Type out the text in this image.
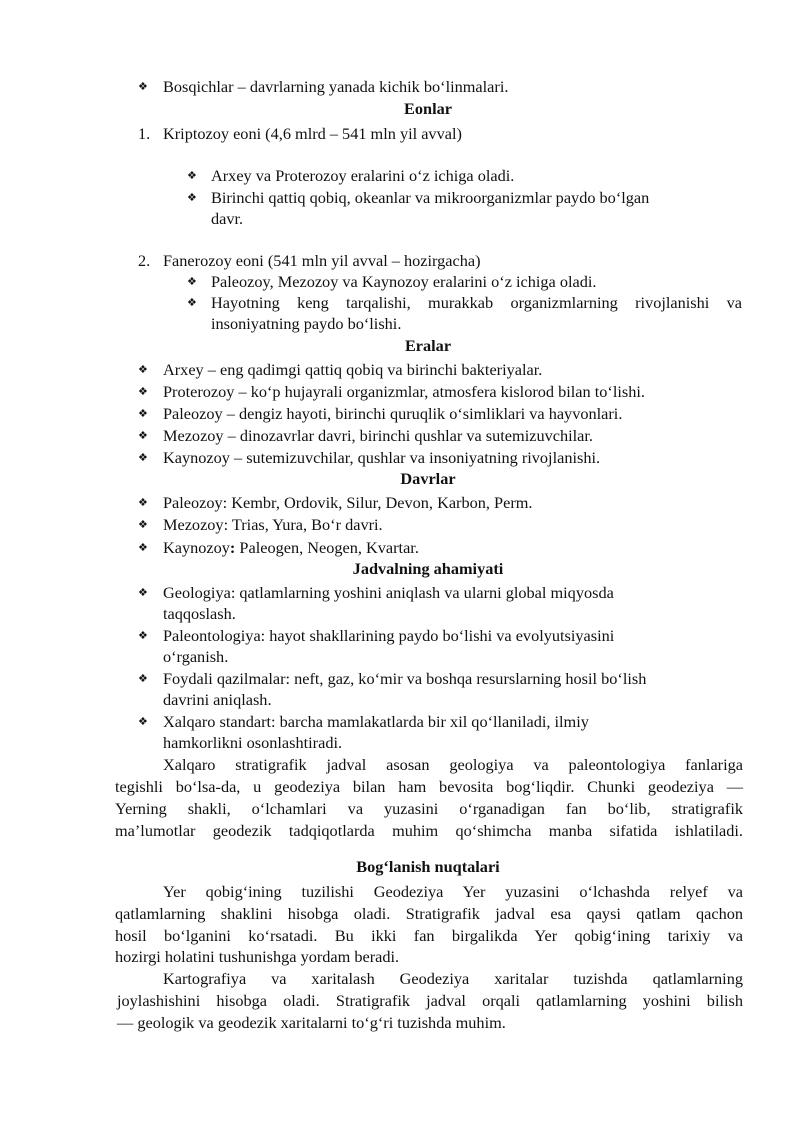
❖ Bosqichlar – davrlarning yanada kichik bo‘linmalari.
Eonlar
1. Kriptozoy eoni (4,6 mlrd – 541 mln yil avval)
❖ Arxey va Proterozoy eralarini o‘z ichiga oladi.
❖ Birinchi qattiq qobiq, okeanlar va mikroorganizmlar paydo bo‘lgan
davr.
2. Fanerozoy eoni (541 mln yil avval – hozirgacha)
❖ Paleozoy, Mezozoy va Kaynozoy eralarini o‘z ichiga oladi.
❖ Hayotning keng tarqalishi, murakkab organizmlarning rivojlanishi va
insoniyatning paydo bo‘lishi.
Eralar
❖ Arxey – eng qadimgi qattiq qobiq va birinchi bakteriyalar.
❖ Proterozoy – ko‘p hujayrali organizmlar, atmosfera kislorod bilan to‘lishi.
❖ Paleozoy – dengiz hayoti, birinchi quruqlik o‘simliklari va hayvonlari.
❖ Mezozoy – dinozavrlar davri, birinchi qushlar va sutemizuvchilar.
❖ Kaynozoy – sutemizuvchilar, qushlar va insoniyatning rivojlanishi.
Davrlar
❖ Paleozoy: Kembr, Ordovik, Silur, Devon, Karbon, Perm.
❖ Mezozoy: Trias, Yura, Bo‘r davri.
❖ Kaynozoy: Paleogen, Neogen, Kvartar.
Jadvalning ahamiyati
❖ Geologiya: qatlamlarning yoshini aniqlash va ularni global miqyosda
taqqoslash.
❖ Paleontologiya: hayot shakllarining paydo bo‘lishi va evolyutsiyasini
o‘rganish.
❖ Foydali qazilmalar: neft, gaz, ko‘mir va boshqa resurslarning hosil bo‘lish
davrini aniqlash.
❖ Xalqaro standart: barcha mamlakatlarda bir xil qo‘llaniladi, ilmiy
hamkorlikni osonlashtiradi.
Xalqaro stratigrafik jadval asosan geologiya va paleontologiya fanlariga
tegishli bo‘lsa-da, u geodeziya bilan ham bevosita bog‘liqdir. Chunki geodeziya —
Yerning shakli, o‘lchamlari va yuzasini o‘rganadigan fan bo‘lib, stratigrafik
ma’lumotlar geodezik tadqiqotlarda muhim qo‘shimcha manba sifatida ishlatiladi.
Bog‘lanish nuqtalari
Yer qobig‘ining tuzilishi Geodeziya Yer yuzasini o‘lchashda relyef va
qatlamlarning shaklini hisobga oladi. Stratigrafik jadval esa qaysi qatlam qachon
hosil bo‘lganini ko‘rsatadi. Bu ikki fan birgalikda Yer qobig‘ining tarixiy va
hozirgi holatini tushunishga yordam beradi.
Kartografiya va xaritalash Geodeziya xaritalar tuzishda qatlamlarning
joylashishini hisobga oladi. Stratigrafik jadval orqali qatlamlarning yoshini bilish
— geologik va geodezik xaritalarni to‘g‘ri tuzishda muhim.
